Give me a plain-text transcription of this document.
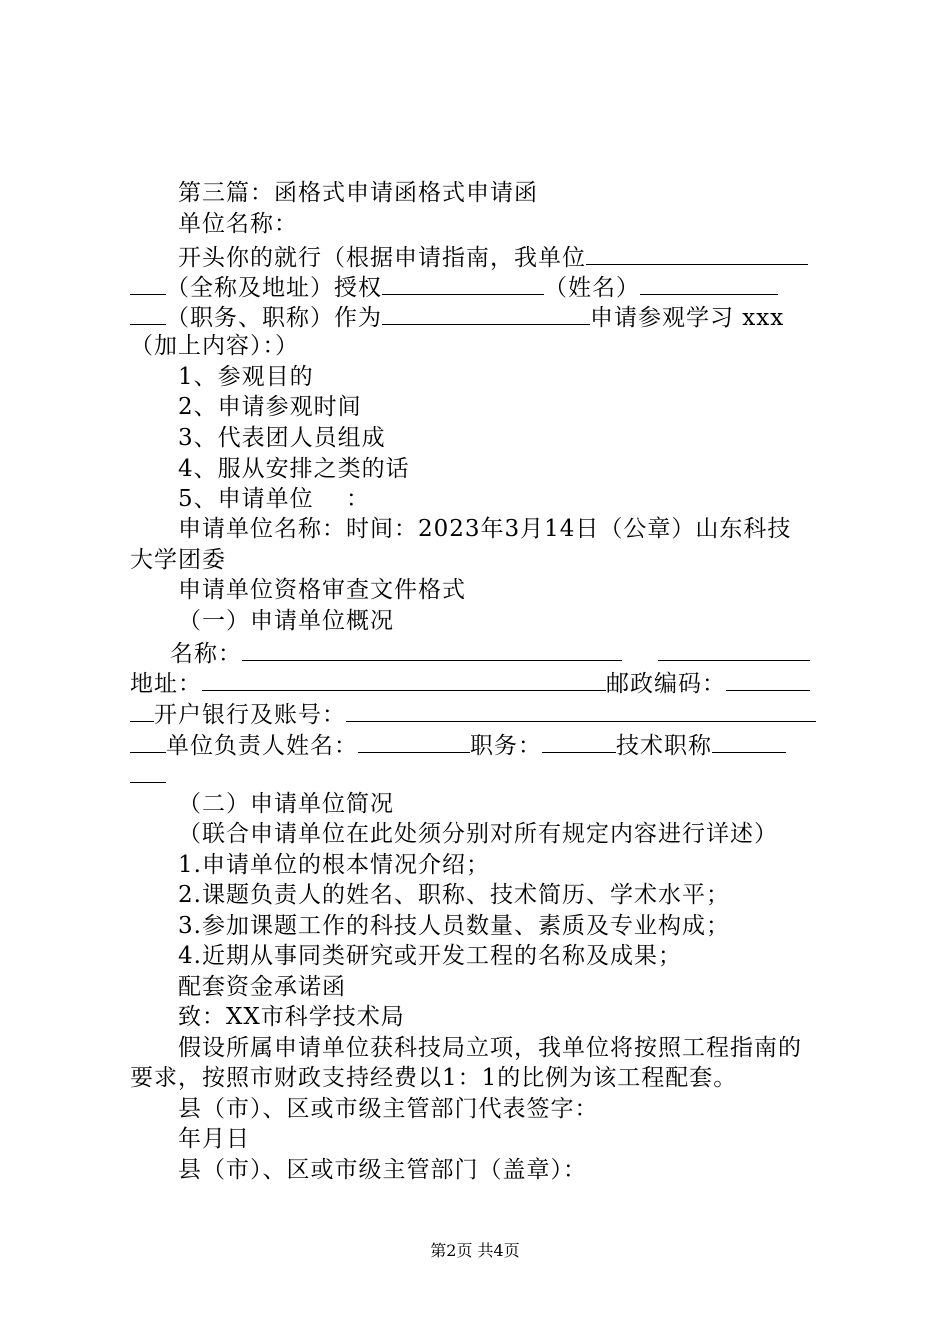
第三篇：函格式申请函格式申请函
单位名称：
开头你的就行（根据申请指南，我单位
（全称及地址）授权	（姓名）
（职务、职称）作为	申请参观学习 xxx
（加上内容）：）
1、参观目的
2、申请参观时间
3、代表团人员组成
4、服从安排之类的话
5、申请单位　 ：
申请单位名称：时间：2023年3月14日（公章）山东科技
大学团委
申请单位资格审查文件格式
（一）申请单位概况
名称：
地址：	邮政编码：
开户银行及账号：
单位负责人姓名：	职务：	技术职称
（二）申请单位简况
（联合申请单位在此处须分别对所有规定内容进行详述）
1.申请单位的根本情况介绍；
2.课题负责人的姓名、职称、技术简历、学术水平；
3.参加课题工作的科技人员数量、素质及专业构成；
4.近期从事同类研究或开发工程的名称及成果；
配套资金承诺函
致：XX市科学技术局
假设所属申请单位获科技局立项，我单位将按照工程指南的
要求，按照市财政支持经费以1：1的比例为该工程配套。
县（市）、区或市级主管部门代表签字：
年月日
县（市）、区或市级主管部门（盖章）：
第2页 共4页
